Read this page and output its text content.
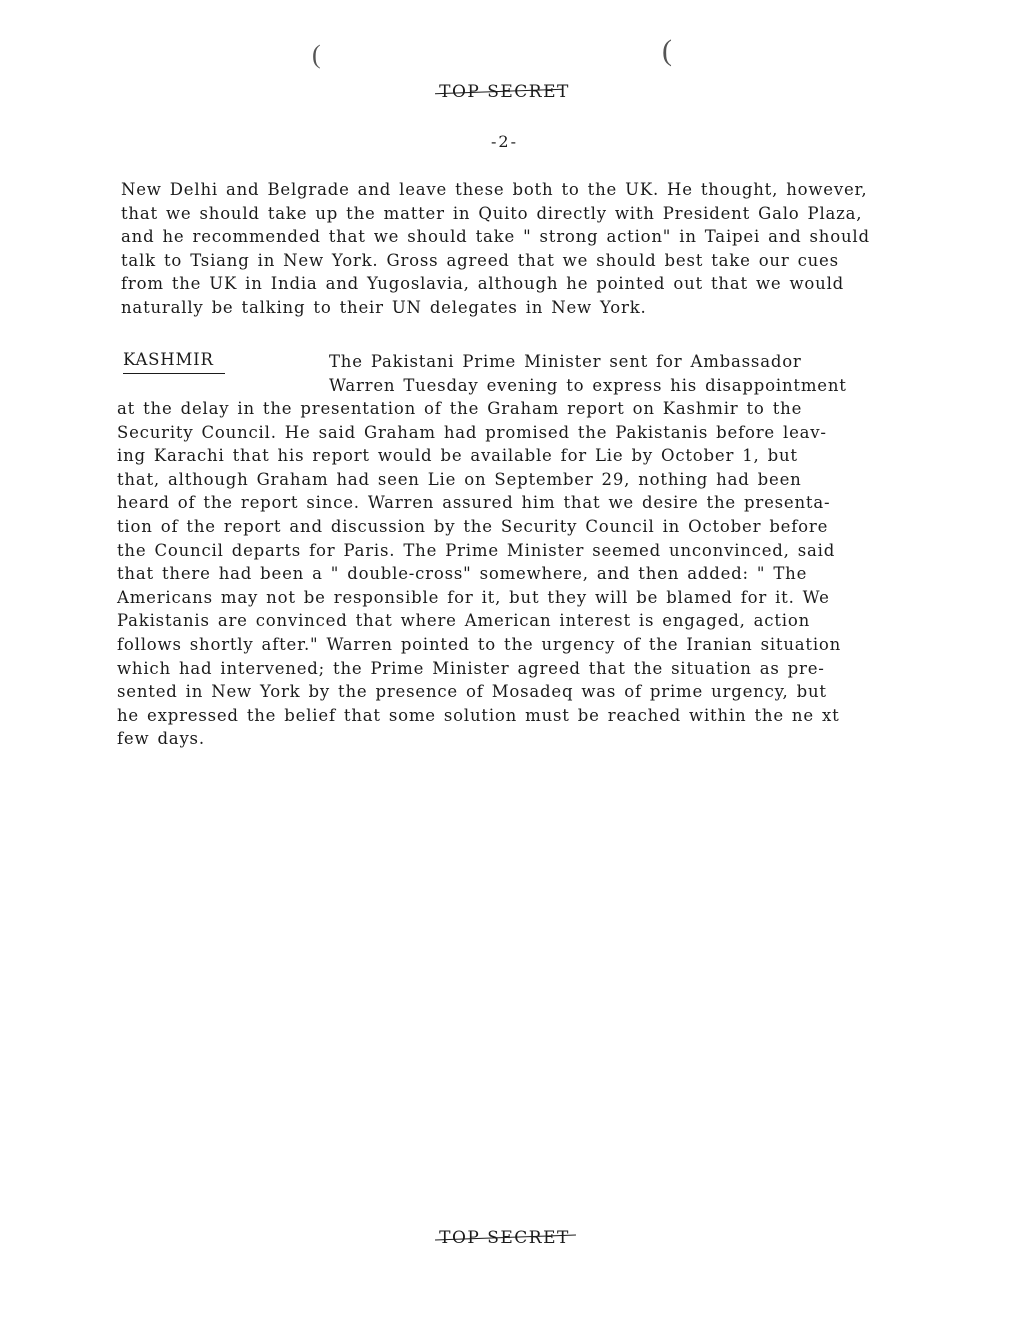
(	(
TOP SECRE
T
-2-
New Delhi and Belgrade and leave these both to the UK. He thought, however,
that we should take up the matter in Quito directly with President Galo Plaza,
and he recommended that we should take " strong action" in Taipei and should
talk to Tsiang in New York. Gross agreed that we should best take our cues
from the UK in India and Yugoslavia, although he pointed out that we would
naturally be talking to their UN delegates in New York.
KASHMIR	The Pakistani Prime Minister sent for Ambassador
Warren Tuesday evening to express his disappointment
at the delay in the presentation of the Graham report on Kashmir to the
Security Council. He said Graham had promised the Pakistanis before leav-
ing Karachi that his report would be available for Lie by October 1, but
that, although Graham had seen Lie on September 29, nothing had been
heard of the report since. Warren assured him that we desire the presenta-
tion of the report and discussion by the Security Council in October before
the Council departs for Paris. The Prime Minister seemed unconvinced, said
that there had been a " double-cross" somewhere, and then added: " The
Americans may not be responsible for it, but they will be blamed for it. We
Pakistanis are convinced that where American interest is engaged, action
follows shortly after." Warren pointed to the urgency of the Iranian situation
which had intervened; the Prime Minister agreed that the situation as pre-
sented in New York by the presence of Mosadeq was of prime urgency, but
he expressed the belief that some solution must be reached within the ne xt
few days.
TOP SECRET
